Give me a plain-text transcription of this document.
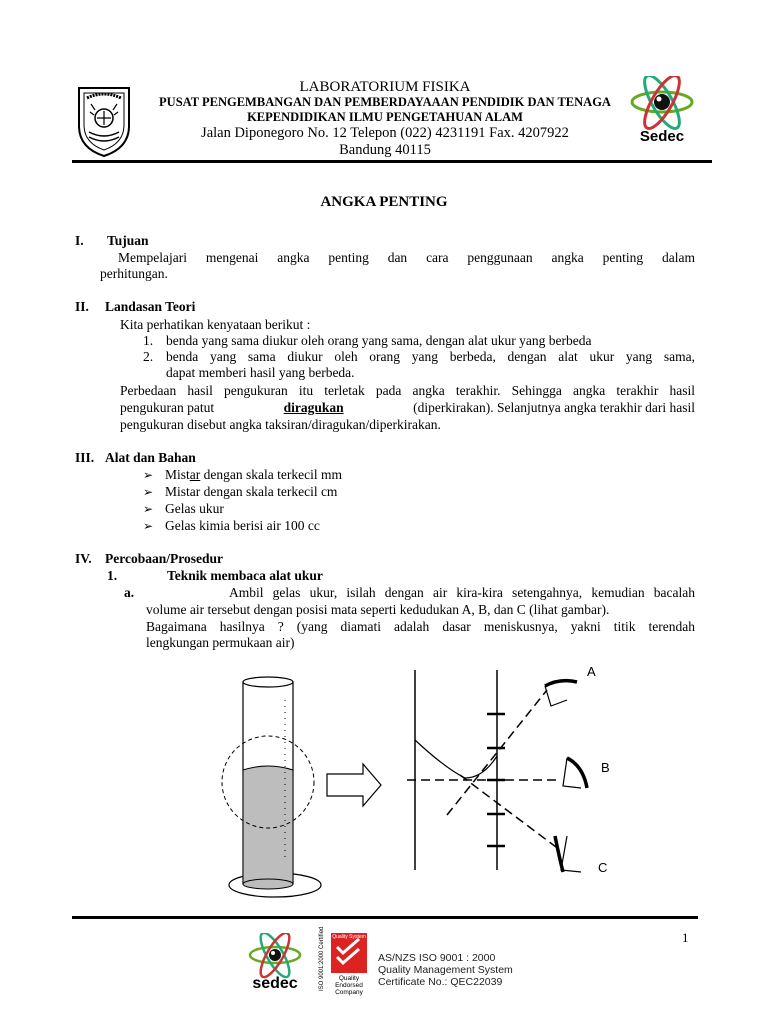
LABORATORIUM FISIKA
PUSAT PENGEMBANGAN DAN PEMBERDAYAAAN PENDIDIK DAN TENAGA
KEPENDIDIKAN ILMU PENGETAHUAN ALAM
Jalan Diponegoro No. 12 Telepon (022) 4231191 Fax. 4207922
Bandung 40115
Sedec
ANGKA PENTING
I. Tujuan
Mempelajari mengenai angka penting dan cara penggunaan angka penting dalam
perhitungan.
II. Landasan Teori
Kita perhatikan kenyataan berikut :
1. benda yang sama diukur oleh orang yang sama, dengan alat ukur yang berbeda
2. benda yang sama diukur oleh orang yang berbeda, dengan alat ukur yang sama,
dapat memberi hasil yang berbeda.
Perbedaan hasil pengukuran itu terletak pada angka terakhir. Sehingga angka terakhir hasil
pengukuran patut	diragukan	(diperkirakan). Selanjutnya angka terakhir dari hasil
pengukuran disebut angka taksiran/diragukan/diperkirakan.
III. Alat dan Bahan
➢ Mistar dengan skala terkecil mm
➢ Mistar dengan skala terkecil cm
➢ Gelas ukur
➢ Gelas kimia berisi air 100 cc
IV. Percobaan/Prosedur
1.	Teknik membaca alat ukur
a.	Ambil gelas ukur, isilah dengan air kira-kira setengahnya, kemudian bacalah
volume air tersebut dengan posisi mata seperti kedudukan A, B, dan C (lihat gambar).
Bagaimana hasilnya ? (yang diamati adalah dasar meniskusnya, yakni titik terendah
lengkungan permukaan air)
A
B
C
1
sedec	ISO 9001:2000 Certified Quality System
Quality
Endorsed
Company
AS/NZS ISO 9001 : 2000
Quality Management System
Certificate No.: QEC22039
